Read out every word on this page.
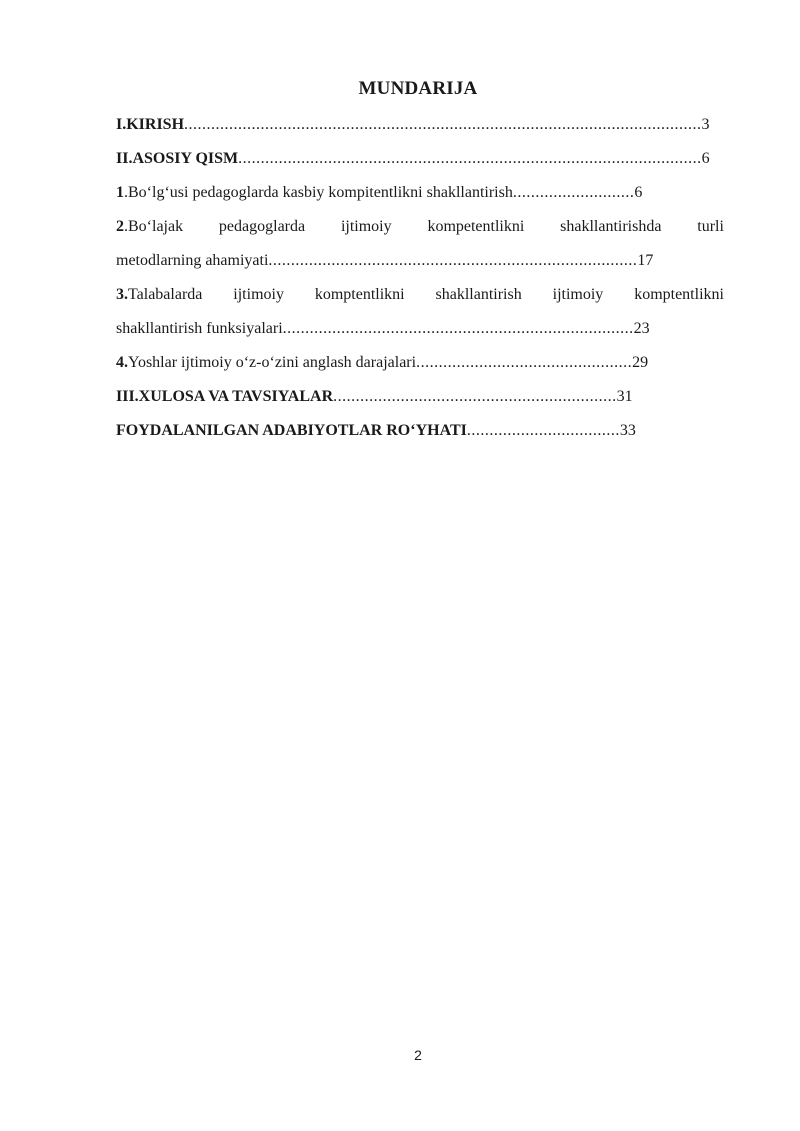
MUNDARIJA
I.KIRISH...................................................................................................................3
II.ASOSIY QISM.......................................................................................................6
1.Bo‘lg‘usi pedagoglarda kasbiy kompitentlikni shakllantirish...........................6
2.Bo‘lajak pedagoglarda ijtimoiy kompetentlikni shakllantirishda turli
metodlarning ahamiyati..................................................................................17
3.Talabalarda ijtimoiy komptentlikni shakllantirish ijtimoiy komptentlikni
shakllantirish funksiyalari..............................................................................23
4.Yoshlar ijtimoiy o‘z-o‘zini anglash darajalari................................................29
III.XULOSA VA TAVSIYALAR...............................................................31
FOYDALANILGAN ADABIYOTLAR RO‘YHATI..................................33
2
